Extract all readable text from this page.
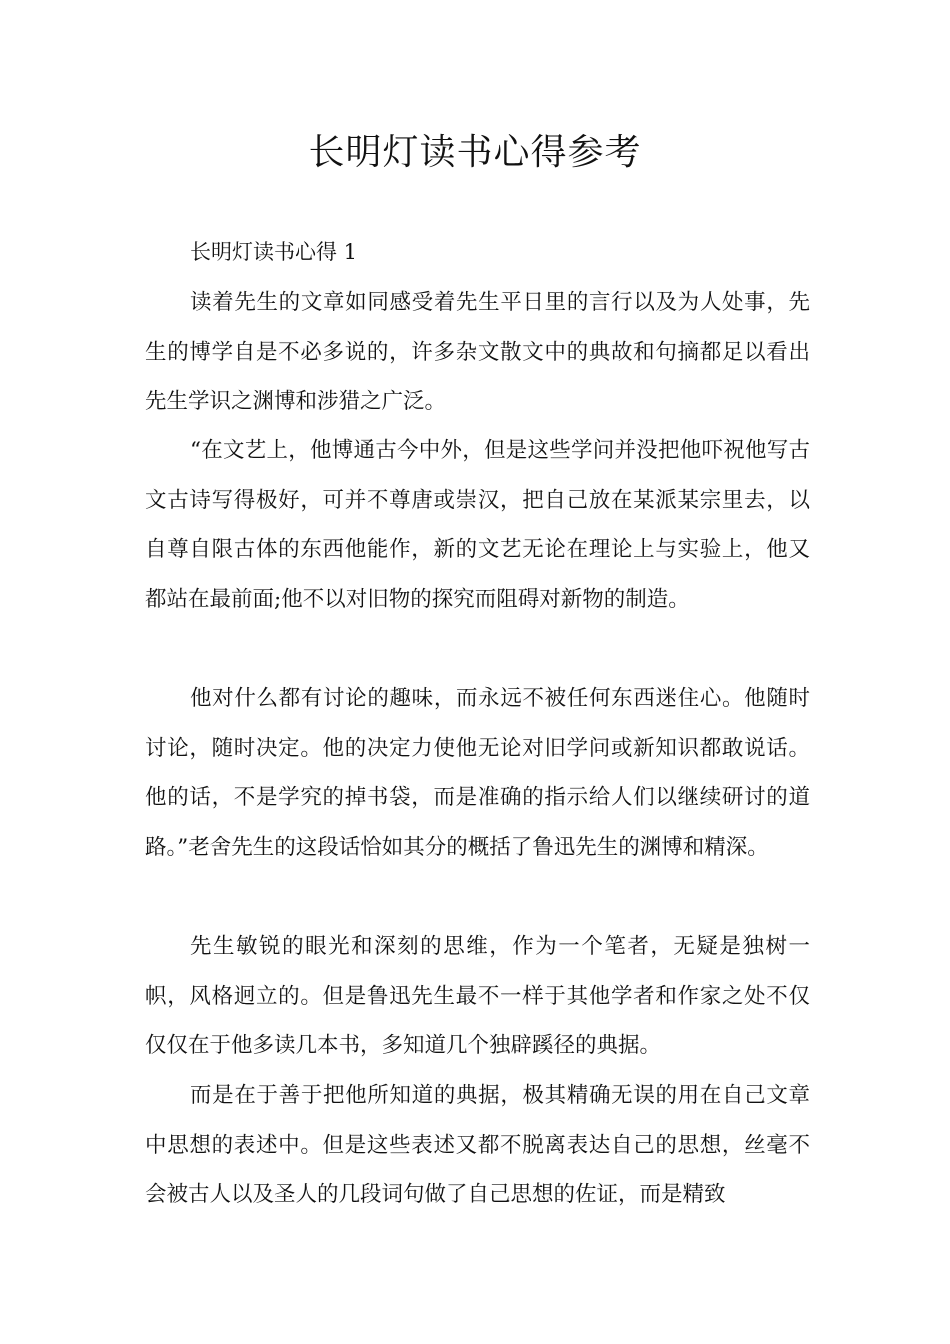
长明灯读书心得参考
长明灯读书心得 1

读着先生的文章如同感受着先生平日里的言行以及为人处事，先生的博学自是不必多说的，许多杂文散文中的典故和句摘都足以看出先生学识之渊博和涉猎之广泛。

“在文艺上，他博通古今中外，但是这些学问并没把他吓祝他写古文古诗写得极好，可并不尊唐或崇汉，把自己放在某派某宗里去，以自尊自限古体的东西他能作，新的文艺无论在理论上与实验上，他又都站在最前面;他不以对旧物的探究而阻碍对新物的制造。

他对什么都有讨论的趣味，而永远不被任何东西迷住心。他随时讨论，随时决定。他的决定力使他无论对旧学问或新知识都敢说话。他的话，不是学究的掉书袋，而是准确的指示给人们以继续研讨的道路。”老舍先生的这段话恰如其分的概括了鲁迅先生的渊博和精深。

先生敏锐的眼光和深刻的思维，作为一个笔者，无疑是独树一帜，风格迥立的。但是鲁迅先生最不一样于其他学者和作家之处不仅仅仅在于他多读几本书，多知道几个独辟蹊径的典据。

而是在于善于把他所知道的典据，极其精确无误的用在自己文章中思想的表述中。但是这些表述又都不脱离表达自己的思想，丝毫不会被古人以及圣人的几段词句做了自己思想的佐证，而是精致
